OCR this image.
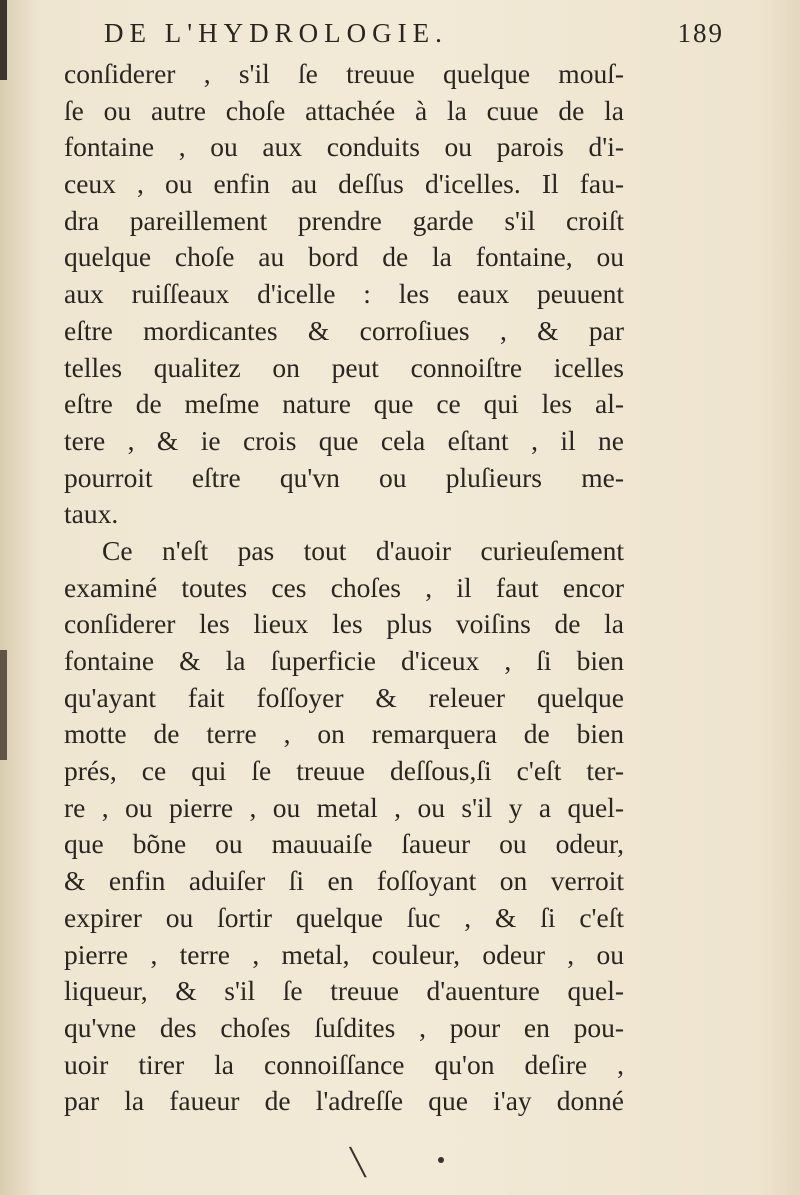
DE L'HYDROLOGIE.	189
conſiderer , s'il ſe treuue quelque mouſ-
ſe ou autre choſe attachée à la cuue de la
fontaine , ou aux conduits ou parois d'i-
ceux , ou enfin au deſſus d'icelles. Il fau-
dra pareillement prendre garde s'il croiſt
quelque choſe au bord de la fontaine, ou
aux ruiſſeaux d'icelle : les eaux peuuent
eſtre mordicantes & corroſiues , & par
telles qualitez on peut connoiſtre icelles
eſtre de meſme nature que ce qui les al-
tere , & ie crois que cela eſtant , il ne
pourroit eſtre qu'vn ou pluſieurs me-
taux.
Ce n'eſt pas tout d'auoir curieuſement
examiné toutes ces choſes , il faut encor
conſiderer les lieux les plus voiſins de la
fontaine & la ſuperficie d'iceux , ſi bien
qu'ayant fait foſſoyer & releuer quelque
motte de terre , on remarquera de bien
prés, ce qui ſe treuue deſſous,ſi c'eſt ter-
re , ou pierre , ou metal , ou s'il y a quel-
que bõne ou mauuaiſe ſaueur ou odeur,
& enfin aduiſer ſi en foſſoyant on verroit
expirer ou ſortir quelque ſuc , & ſi c'eſt
pierre , terre , metal, couleur, odeur , ou
liqueur, & s'il ſe treuue d'auenture quel-
qu'vne des choſes ſuſdites , pour en pou-
uoir tirer la connoiſſance qu'on deſire ,
par la faueur de l'adreſſe que i'ay donné
╲
